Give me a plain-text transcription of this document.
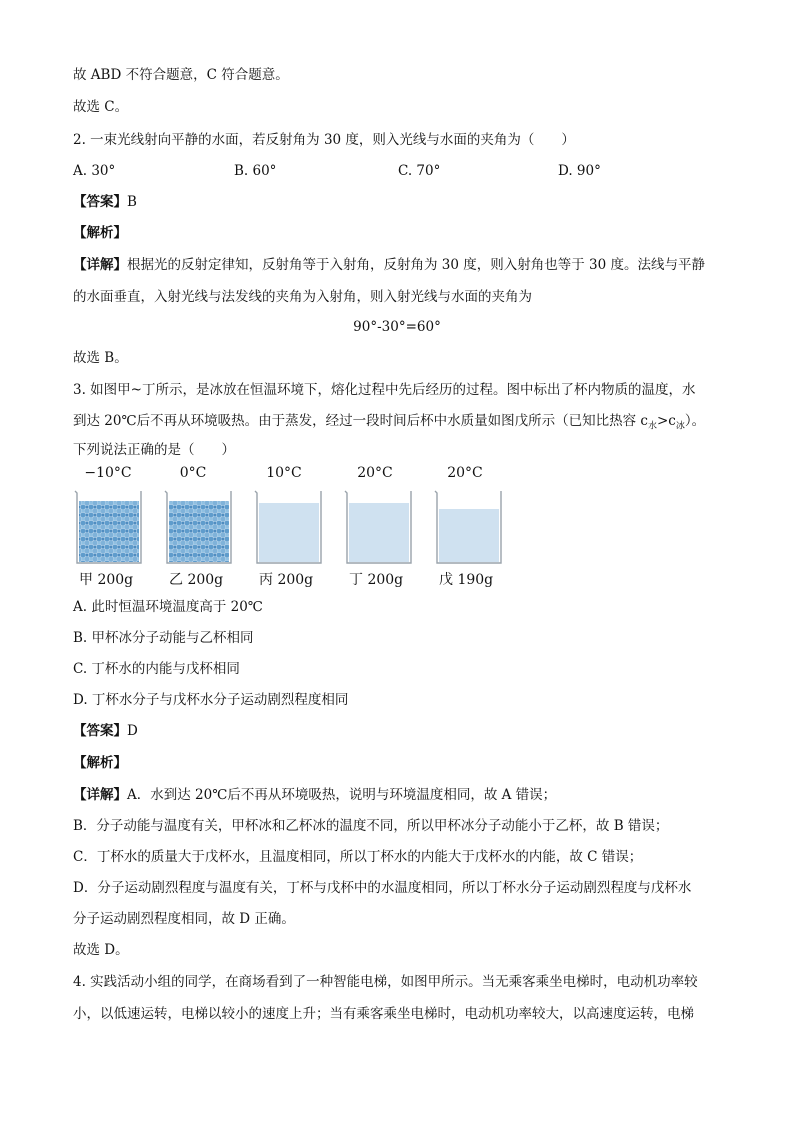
故 ABD 不符合题意，C 符合题意。
故选 C。
2. 一束光线射向平静的水面，若反射角为 30 度，则入光线与水面的夹角为（　　）
A. 30°	B. 60°	C. 70°	D. 90°
【答案】B
【解析】
【详解】根据光的反射定律知，反射角等于入射角，反射角为 30 度，则入射角也等于 30 度。法线与平静
的水面垂直，入射光线与法发线的夹角为入射角，则入射光线与水面的夹角为
90°-30°=60°
故选 B。
3. 如图甲~丁所示，是冰放在恒温环境下，熔化过程中先后经历的过程。图中标出了杯内物质的温度，水
到达 20℃后不再从环境吸热。由于蒸发，经过一段时间后杯中水质量如图戊所示（已知比热容 $c_水>c_冰$）。
下列说法正确的是（　　）
−10°C	0°C	10°C	20°C	20°C
甲 200g	乙 200g	丙 200g	丁 200g	戊 190g
A. 此时恒温环境温度高于 20℃
B. 甲杯冰分子动能与乙杯相同
C. 丁杯水的内能与戊杯相同
D. 丁杯水分子与戊杯水分子运动剧烈程度相同
【答案】D
【解析】
【详解】A．水到达 20℃后不再从环境吸热，说明与环境温度相同，故 A 错误；
B．分子动能与温度有关，甲杯冰和乙杯冰的温度不同，所以甲杯冰分子动能小于乙杯，故 B 错误；
C．丁杯水的质量大于戊杯水，且温度相同，所以丁杯水的内能大于戊杯水的内能，故 C 错误；
D．分子运动剧烈程度与温度有关，丁杯与戊杯中的水温度相同，所以丁杯水分子运动剧烈程度与戊杯水
分子运动剧烈程度相同，故 D 正确。
故选 D。
4. 实践活动小组的同学，在商场看到了一种智能电梯，如图甲所示。当无乘客乘坐电梯时，电动机功率较
小，以低速运转，电梯以较小的速度上升；当有乘客乘坐电梯时，电动机功率较大，以高速度运转，电梯
